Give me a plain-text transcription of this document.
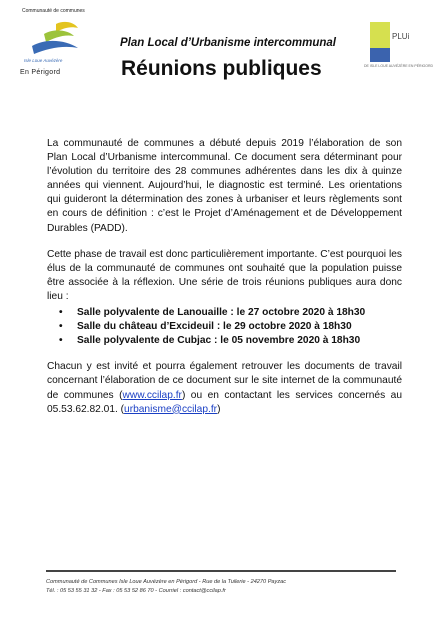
Communauté de communes
Isle Loue Auvézère
En Périgord
PLUi
DE ISLE LOUE AUVÉZÈRE EN PÉRIGORD
Plan Local d’Urbanisme intercommunal
Réunions publiques

La communauté de communes a débuté depuis 2019 l’élaboration de son Plan Local d’Urbanisme intercommunal. Ce document sera déterminant pour l’évolution du territoire des 28 communes adhérentes dans les dix à quinze années qui viennent. Aujourd’hui, le diagnostic est terminé. Les orientations qui guideront la détermination des zones à urbaniser et leurs règlements sont en cours de définition : c’est le Projet d’Aménagement et de Développement Durables (PADD).

Cette phase de travail est donc particulièrement importante. C’est pourquoi les élus de la communauté de communes ont souhaité que la population puisse être associée à la réflexion. Une série de trois réunions publiques aura donc lieu :

• Salle polyvalente de Lanouaille : le 27 octobre 2020 à 18h30
• Salle du château d’Excideuil : le 29 octobre 2020 à 18h30
• Salle polyvalente de Cubjac : le 05 novembre 2020 à 18h30

Chacun y est invité et pourra également retrouver les documents de travail concernant l’élaboration de ce document sur le site internet de la communauté de communes (www.ccilap.fr) ou en contactant les services concernés au 05.53.62.82.01. (urbanisme@ccilap.fr)

Communauté de Communes Isle Loue Auvézère en Périgord - Rue de la Tuilerie - 24270 Payzac
Tél. : 05 53 55 31 32 - Fax : 05 53 52 86 70 - Courriel : contact@ccilap.fr
